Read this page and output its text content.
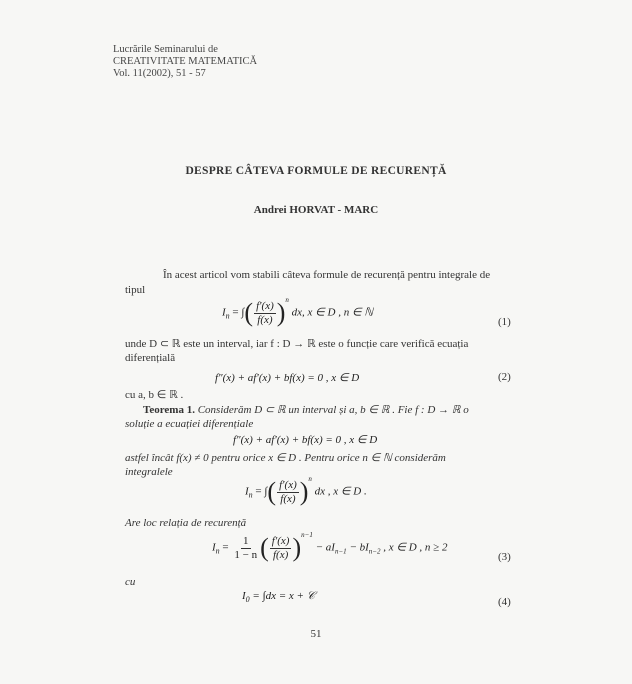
Lucrările Seminarului de
CREATIVITATE MATEMATICĂ
Vol. 11(2002), 51 - 57
DESPRE CÂTEVA FORMULE DE RECURENȚĂ
Andrei HORVAT - MARC
În acest articol vom stabili câteva formule de recurență pentru integrale de
tipul
$I_n$ = ∫( $\frac{f'(x)}{f(x)} )^n$ dx, x ∈ D , n ∈ ℕ
(1)
unde D ⊂ ℝ este un interval, iar f : D → ℝ este o funcție care verifică ecuația
diferențială
f″(x) + af′(x) + bf(x) = 0 , x ∈ D	(2)
cu a, b ∈ ℝ .
Teorema 1. Considerăm D ⊂ ℝ un interval și a, b ∈ ℝ . Fie f : D → ℝ o
soluție a ecuației diferențiale
f″(x) + af′(x) + bf(x) = 0 , x ∈ D
astfel încât f(x) ≠ 0 pentru orice x ∈ D . Pentru orice n ∈ ℕ considerăm
integralele
$I_n$ = ∫( $\frac{f'(x)}{f(x)} )^n$ dx , x ∈ D .
Are loc relația de recurență
$I_n = \frac{1}{1 - n}$ ( $\frac{f'(x)}{f(x)} )^{n-1} - aI_{n-1} - bI_{n-2}$ , x ∈ D , n ≥ 2
(3)
cu
$I_0 = \int dx = x$ + 𝒞	(4)
51
